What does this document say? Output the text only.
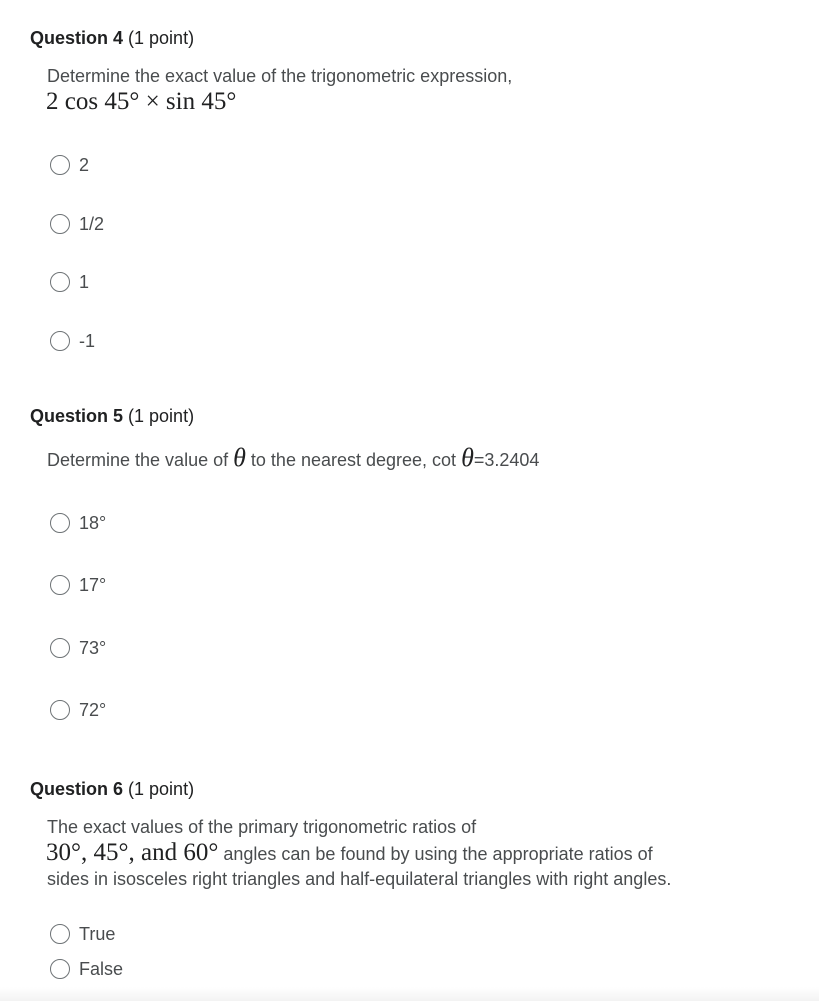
Question 4 (1 point)
Determine the exact value of the trigonometric expression,
2 cos 45° × sin 45°
2
1/2
1
-1
Question 5 (1 point)
Determine the value of θ to the nearest degree, cot θ=3.2404
18°
17°
73°
72°
Question 6 (1 point)
The exact values of the primary trigonometric ratios of
30°, 45°, and 60° angles can be found by using the appropriate ratios of
sides in isosceles right triangles and half-equilateral triangles with right angles.
True
False
